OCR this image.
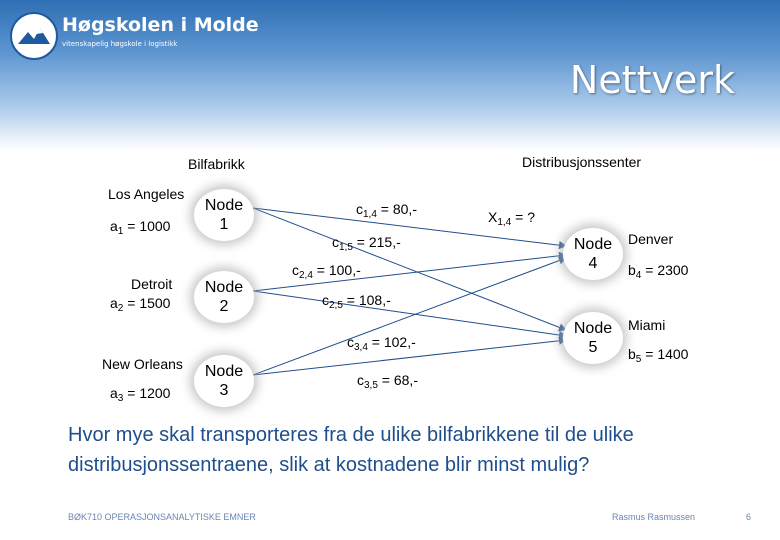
Høgskolen i Molde
vitenskapelig høgskole i logistikk
Nettverk
Bilfabrikk	Distribusjonssenter
Los Angeles
$a_1 = 1000$
Node
1
Detroit
$a_2 = 1500$
Node
2
New Orleans
$a_3 = 1200$
Node
3
Node
4
Denver
$b_4 = 2300$
Node
5
Miami
$b_5 = 1400$
$c_{1,4} = 80,-$
$c_{1,5} = 215,-$
$c_{2,4} = 100,-$
$c_{2,5} = 108,-$
$c_{3,4} = 102,-$
$c_{3,5} = 68,-$
$X_{1,4}$ = ?
Hvor mye skal transporteres fra de ulike bilfabrikkene til de ulike distribusjonssentraene, slik at kostnadene blir minst mulig?
BØK710 OPERASJONSANALYTISKE EMNER	Rasmus Rasmussen	6
